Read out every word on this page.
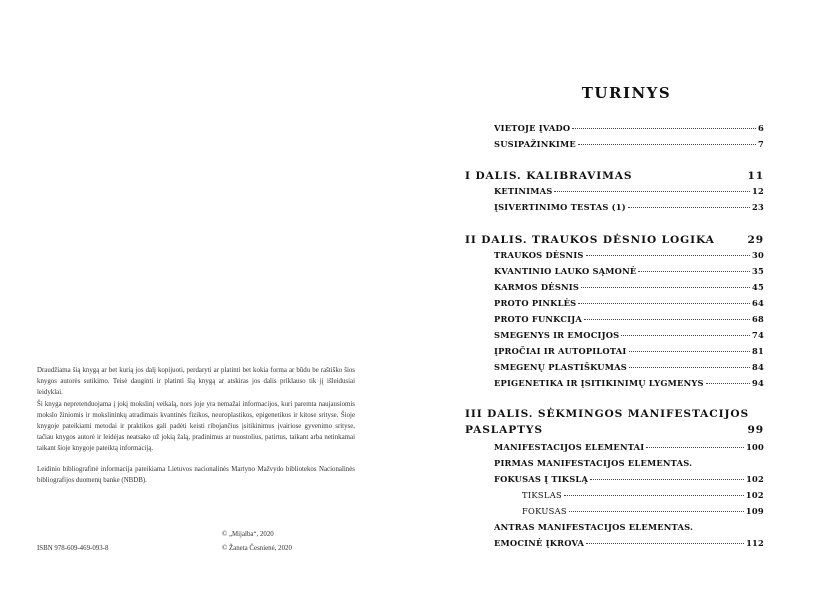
Draudžiama šią knygą ar bet kurią jos dalį kopijuoti, perdaryti ar platinti bet kokia forma ar būdu be raštiško šios knygos autorės sutikimo. Teisė dauginti ir platinti šią knygą ar atskiras jos dalis priklauso tik jį išleidusiai leidyklai.

Ši knyga nepretenduojama į jokį mokslinį veikalą, nors joje yra nemažai informacijos, kuri paremta naujausiomis mokslo žiniomis ir mokslininkų atradimais kvantinės fizikos, neuroplastikos, epigenetikos ir kitose srityse. Šioje knygoje pateikiami metodai ir praktikos gali padėti keisti ribojančius įsitikinimus įvairiose gyvenimo srityse, tačiau knygos autorė ir leidėjas neatsako už jokią žalą, pradinimus ar nuostolius, patirtus, taikant arba netinkamai taikant šioje knygoje pateiktą informaciją.

Leidinio bibliografinė informacija pateikiama Lietuvos nacionalinės Martyno Mažvydo bibliotekos Nacionalinės bibliografijos duomenų banke (NBDB).

© „Mijalba“, 2020
© Žaneta Česnienė, 2020
ISBN 978-609-469-093-8
TURINYS
VIETOJE ĮVADO	6
SUSIPAŽINKIME	7
I DALIS. KALIBRAVIMAS	11
KETINIMAS	12
ĮSIVERTINIMO TESTAS (1)	23
II DALIS. TRAUKOS DĖSNIO LOGIKA	29
TRAUKOS DĖSNIS	30
KVANTINIO LAUKO SĄMONĖ	35
KARMOS DĖSNIS	45
PROTO PINKLĖS	64
PROTO FUNKCIJA	68
SMEGENYS IR EMOCIJOS	74
ĮPROČIAI IR AUTOPILOTAI	81
SMEGENŲ PLASTIŠKUMAS	84
EPIGENETIKA IR ĮSITIKINIMŲ LYGMENYS	94
III DALIS. SĖKMINGOS MANIFESTACIJOS
PASLAPTYS	99
MANIFESTACIJOS ELEMENTAI	100
PIRMAS MANIFESTACIJOS ELEMENTAS.
FOKUSAS Į TIKSLĄ	102
TIKSLAS	102
FOKUSAS	109
ANTRAS MANIFESTACIJOS ELEMENTAS.
EMOCINĖ ĮKROVA	112
